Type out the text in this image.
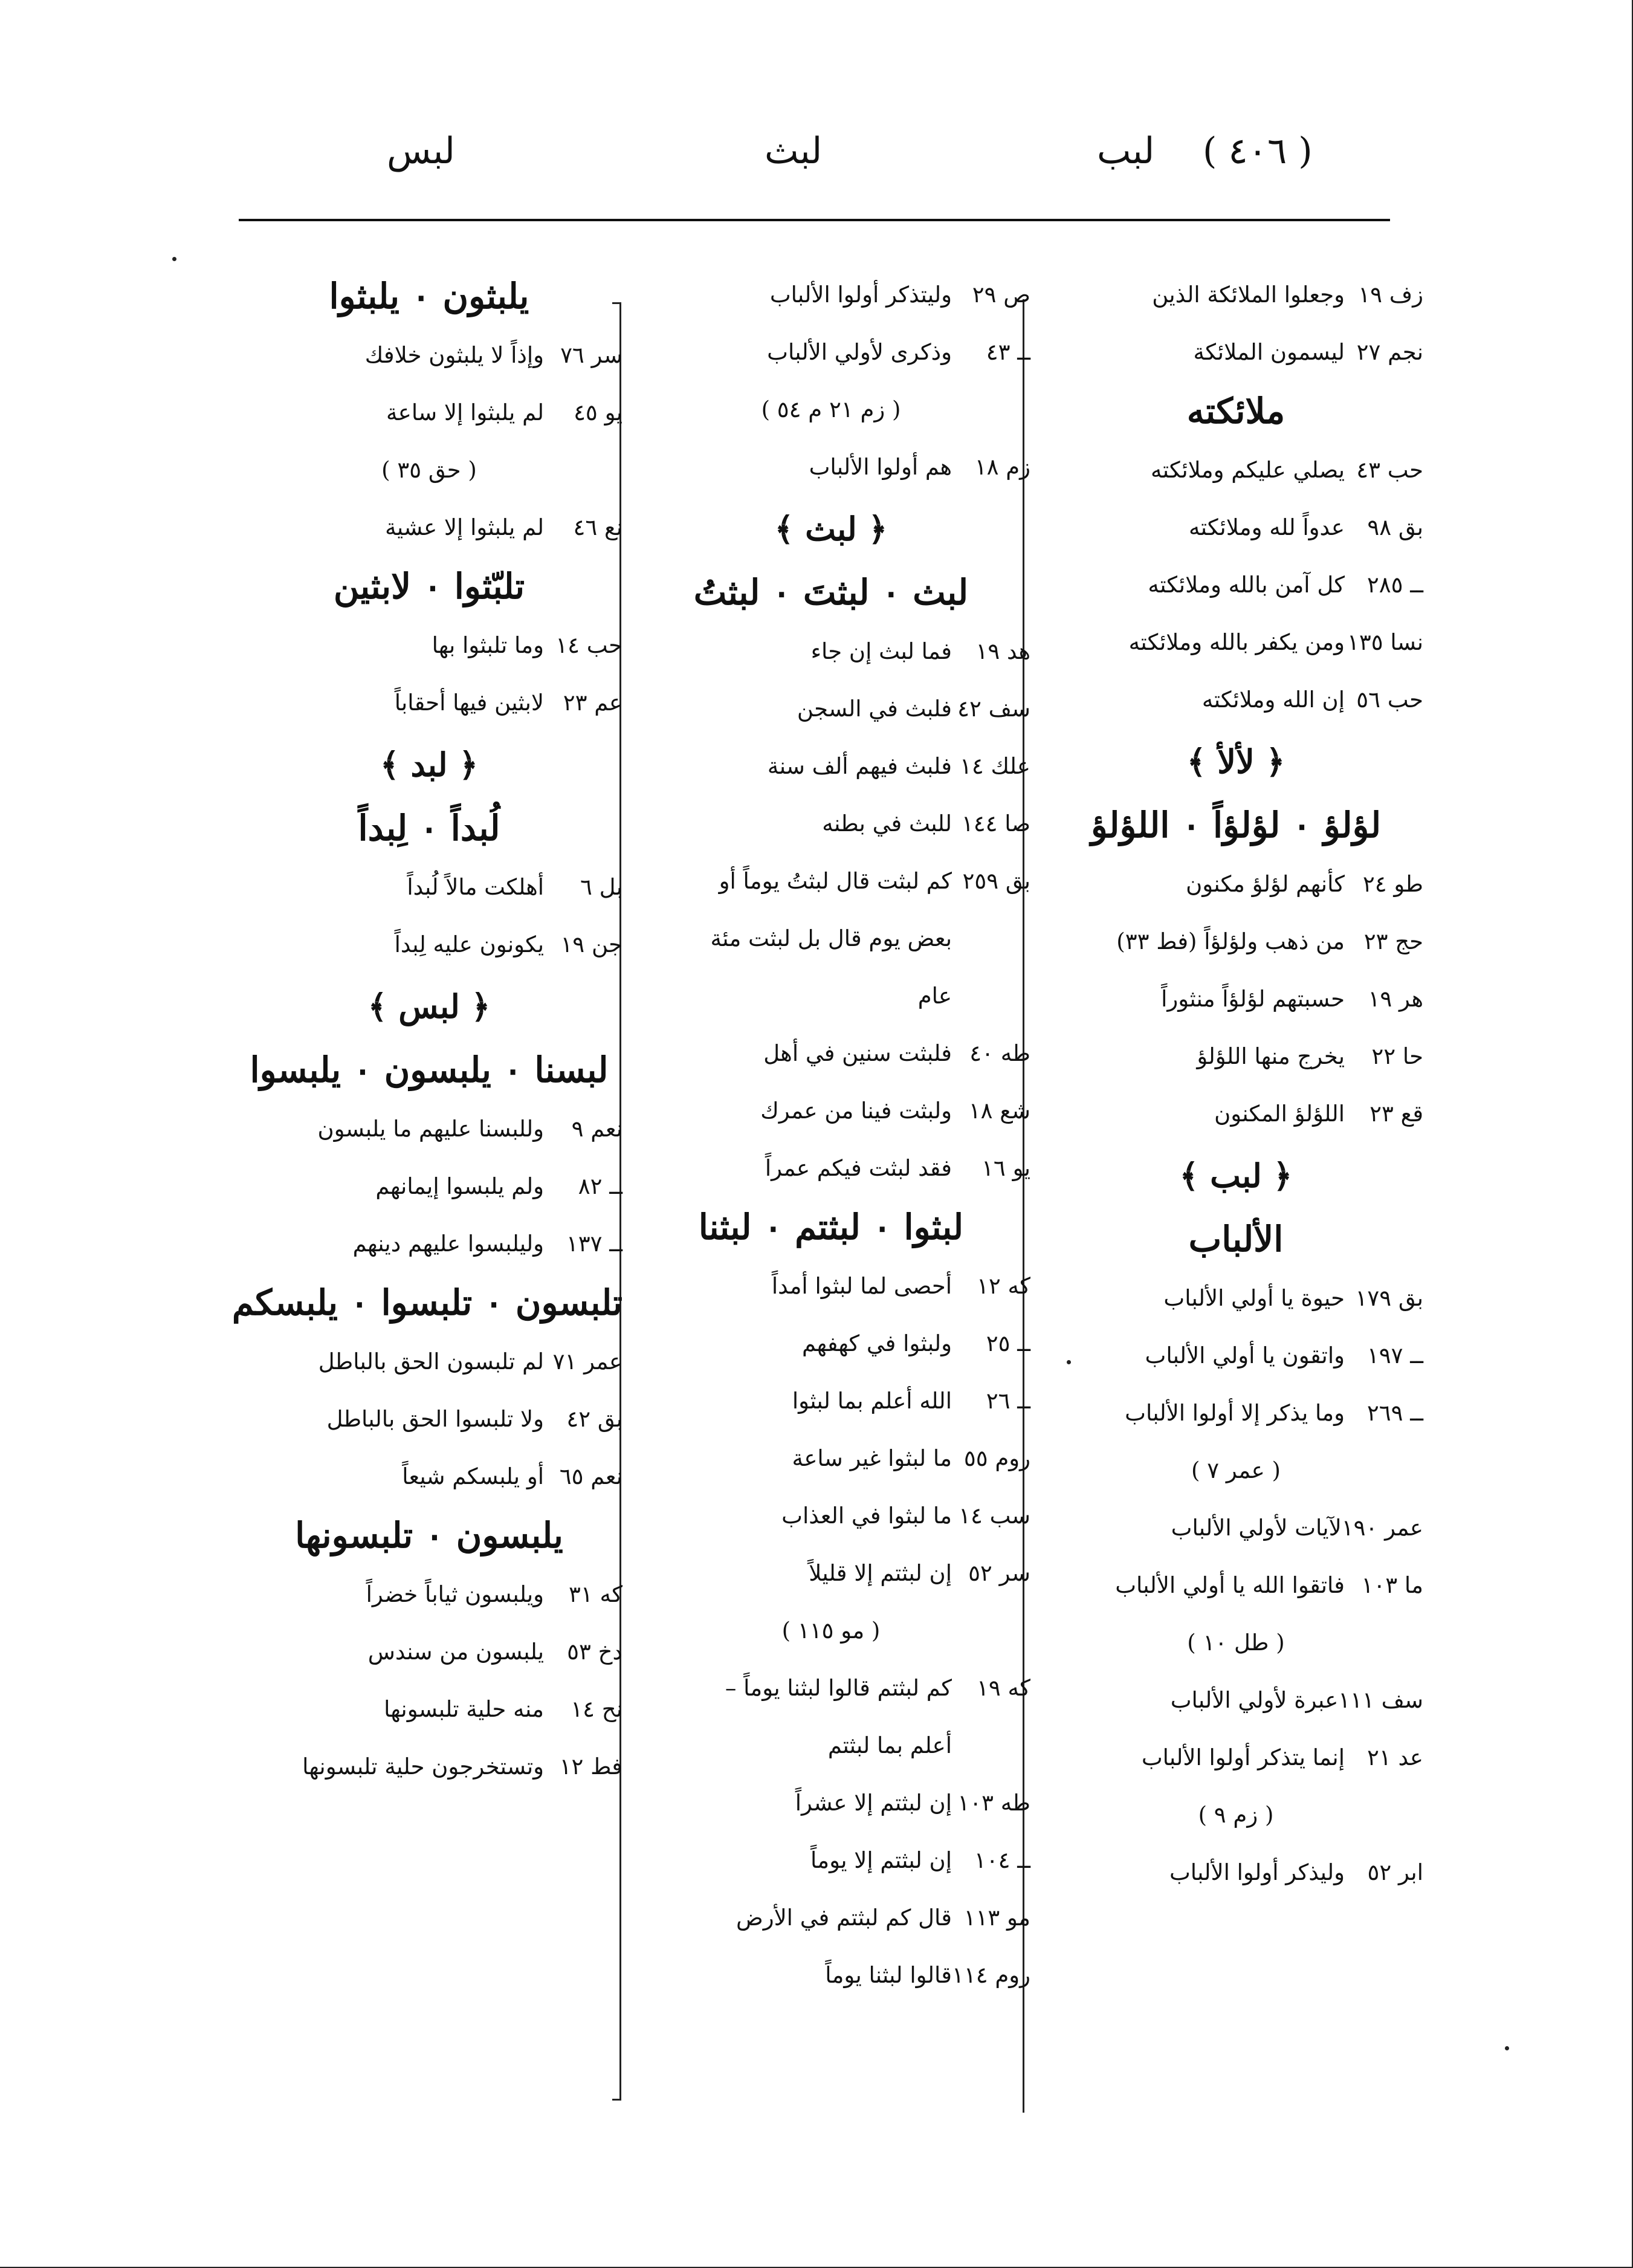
( ٤٠٦ )
لبب
لبث
لبس
زف ١٩وجعلوا الملائكة الذين
نجم ٢٧ليسمون الملائكة
ملائكته
حب ٤٣يصلي عليكم وملائكته
بق ٩٨عدواً لله وملائكته
ــ ٢٨٥كل آمن بالله وملائكته
نسا ١٣٥ومن يكفر بالله وملائكته
حب ٥٦إن الله وملائكته
﴿ لألأ ﴾
لؤلؤ ٠ لؤلؤاً ٠ اللؤلؤ
طو ٢٤كأنهم لؤلؤ مكنون
حج ٢٣من ذهب ولؤلؤاً (فط ٣٣)
هر ١٩حسبتهم لؤلؤاً منثوراً
حا ٢٢يخرج منها اللؤلؤ
قع ٢٣اللؤلؤ المكنون
﴿ لبب ﴾
الألباب
بق ١٧٩حيوة يا أولي الألباب
ــ ١٩٧واتقون يا أولي الألباب
ــ ٢٦٩وما يذكر إلا أولوا الألباب
( عمر ٧ )
عمر ١٩٠لآيات لأولي الألباب
ما ١٠٣فاتقوا الله يا أولي الألباب
( طل ١٠ )
سف ١١١عبرة لأولي الألباب
عد ٢١إنما يتذكر أولوا الألباب
( زم ٩ )
ابر ٥٢وليذكر أولوا الألباب
ص ٢٩وليتذكر أولوا الألباب
ــ ٤٣وذكرى لأولي الألباب
( زم ٢١ م ٥٤ )
زم ١٨هم أولوا الألباب
﴿ لبث ﴾
لبث ٠ لبثتَ ٠ لبثتُ
هد ١٩فما لبث إن جاء
سف ٤٢فلبث في السجن
علك ١٤فلبث فيهم ألف سنة
صا ١٤٤للبث في بطنه
بق ٢٥٩كم لبثت قال لبثتُ يوماً أو
بعض يوم قال بل لبثت مئة
عام
طه ٤٠فلبثت سنين في أهل
شع ١٨ولبثت فينا من عمرك
يو ١٦فقد لبثت فيكم عمراً
لبثوا ٠ لبثتم ٠ لبثنا
كه ١٢أحصى لما لبثوا أمداً
ــ ٢٥ولبثوا في كهفهم
ــ ٢٦الله أعلم بما لبثوا
روم ٥٥ما لبثوا غير ساعة
سب ١٤ما لبثوا في العذاب
سر ٥٢إن لبثتم إلا قليلاً
( مو ١١٥ )
كه ١٩كم لبثتم قالوا لبثنا يوماً –
أعلم بما لبثتم
طه ١٠٣إن لبثتم إلا عشراً
ــ ١٠٤إن لبثتم إلا يوماً
مو ١١٣قال كم لبثتم في الأرض
روم ١١٤قالوا لبثنا يوماً
يلبثون ٠ يلبثوا
سر ٧٦وإذاً لا يلبثون خلافك
يو ٤٥لم يلبثوا إلا ساعة
( حق ٣٥ )
نع ٤٦لم يلبثوا إلا عشية
تلبّثوا ٠ لابثين
حب ١٤وما تلبثوا بها
عم ٢٣لابثين فيها أحقاباً
﴿ لبد ﴾
لُبداً ٠ لِبداً
بل ٦أهلكت مالاً لُبداً
جن ١٩يكونون عليه لِبداً
﴿ لبس ﴾
لبسنا ٠ يلبسون ٠ يلبسوا
نعم ٩وللبسنا عليهم ما يلبسون
ــ ٨٢ولم يلبسوا إيمانهم
ــ ١٣٧وليلبسوا عليهم دينهم
تلبسون ٠ تلبسوا ٠ يلبسكم
عمر ٧١لم تلبسون الحق بالباطل
بق ٤٢ولا تلبسوا الحق بالباطل
نعم ٦٥أو يلبسكم شيعاً
يلبسون ٠ تلبسونها
كه ٣١ويلبسون ثياباً خضراً
دخ ٥٣يلبسون من سندس
نح ١٤منه حلية تلبسونها
فط ١٢وتستخرجون حلية تلبسونها
